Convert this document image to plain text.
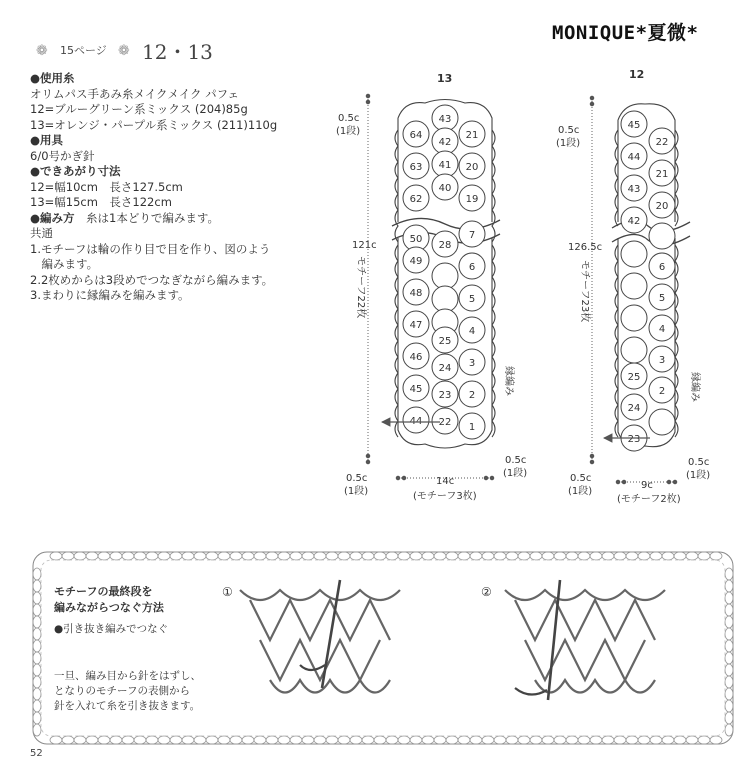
MONIQUE*夏微*
❁ 15ページ ❁ 12・13
●使用糸
オリムパス手あみ糸メイクメイク パフェ
12=ブルーグリーン系ミックス (204)85g
13=オレンジ・パープル系ミックス (211)110g
●用具
6/0号かぎ針
●できあがり寸法
12=幅10cm　長さ127.5cm
13=幅15cm　長さ122cm
●編み方　 糸は1本どりで編みます。
共通
1.モチーフは輪の作り目で目を作り、図のよう
　編みます。
2.2枚めからは3段めでつなぎながら編みます。
3.まわりに縁編みを編みます。
43
42
41
40
64
63
62
21
20
19
50
28
7
49
48
47
46
45
44
6
5
4
3
2
1
25
24
23
22
45
44
43
42
22
21
20
25
24
23
6
5
4
3
2
13
0.5c
(1段)
121c
モチーフ22枚
縁編み
0.5c
(1段)
0.5c
(1段)
14c
(モチーフ3枚)
12
0.5c
(1段)
126.5c
モチーフ23枚
縁編み
0.5c
(1段)
0.5c
(1段)
9c
(モチーフ2枚)
①	②
モチーフの最終段を
編みながらつなぐ方法
●引き抜き編みでつなぐ
一旦、編み目から針をはずし、
となりのモチーフの表側から
針を入れて糸を引き抜きます。
52
